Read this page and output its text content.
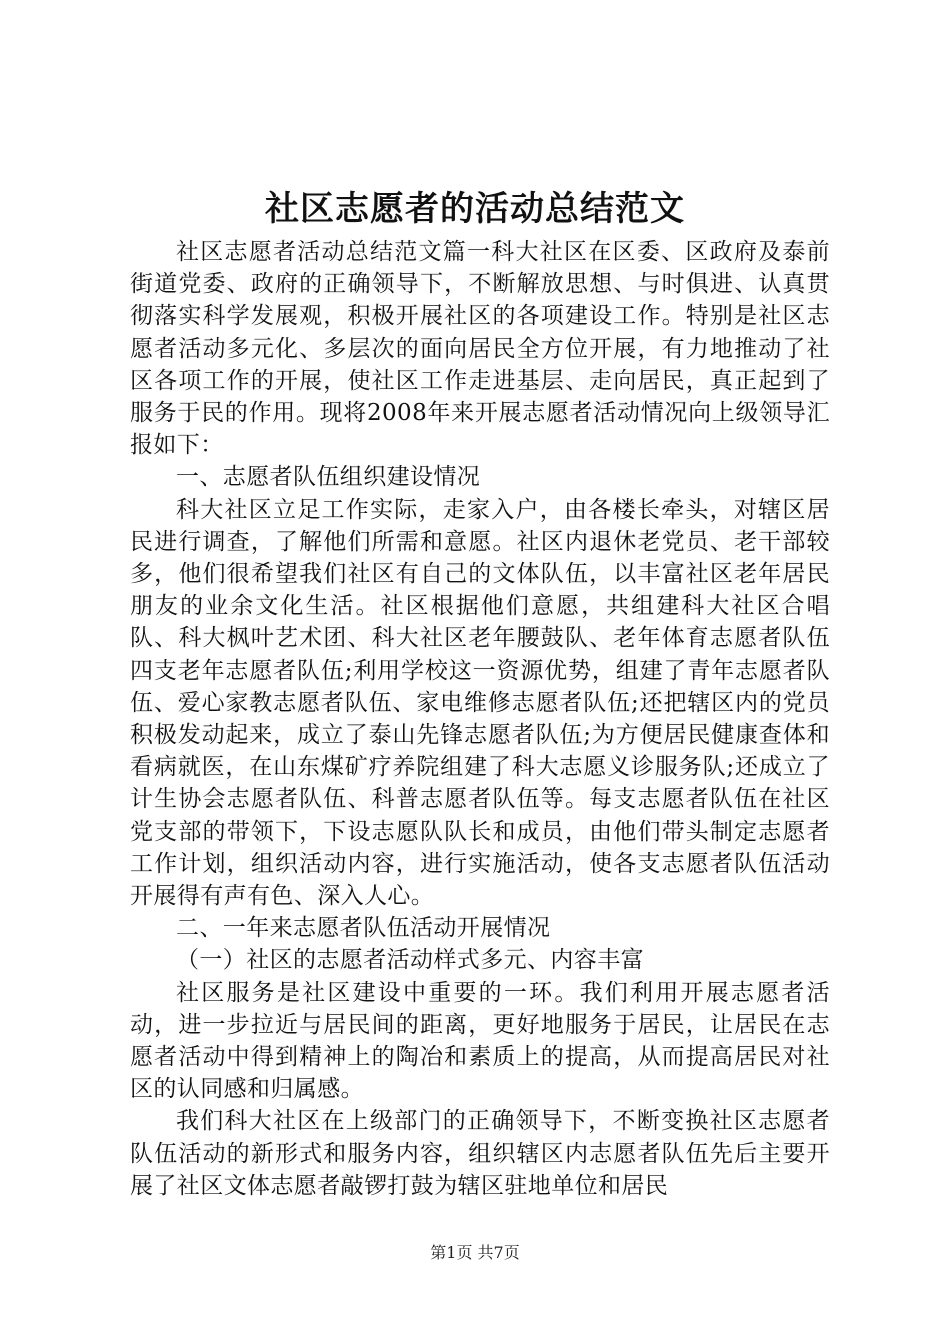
社区志愿者的活动总结范文

社区志愿者活动总结范文篇一科大社区在区委、区政府及泰前街道党委、政府的正确领导下，不断解放思想、与时俱进、认真贯彻落实科学发展观，积极开展社区的各项建设工作。特别是社区志愿者活动多元化、多层次的面向居民全方位开展，有力地推动了社区各项工作的开展，使社区工作走进基层、走向居民，真正起到了服务于民的作用。现将2008年来开展志愿者活动情况向上级领导汇报如下：

一、志愿者队伍组织建设情况

科大社区立足工作实际，走家入户，由各楼长牵头，对辖区居民进行调查，了解他们所需和意愿。社区内退休老党员、老干部较多，他们很希望我们社区有自己的文体队伍，以丰富社区老年居民朋友的业余文化生活。社区根据他们意愿，共组建科大社区合唱队、科大枫叶艺术团、科大社区老年腰鼓队、老年体育志愿者队伍四支老年志愿者队伍;利用学校这一资源优势，组建了青年志愿者队伍、爱心家教志愿者队伍、家电维修志愿者队伍;还把辖区内的党员积极发动起来，成立了泰山先锋志愿者队伍;为方便居民健康查体和看病就医，在山东煤矿疗养院组建了科大志愿义诊服务队;还成立了计生协会志愿者队伍、科普志愿者队伍等。每支志愿者队伍在社区党支部的带领下，下设志愿队队长和成员，由他们带头制定志愿者工作计划，组织活动内容，进行实施活动，使各支志愿者队伍活动开展得有声有色、深入人心。

二、一年来志愿者队伍活动开展情况

（一）社区的志愿者活动样式多元、内容丰富

社区服务是社区建设中重要的一环。我们利用开展志愿者活动，进一步拉近与居民间的距离，更好地服务于居民，让居民在志愿者活动中得到精神上的陶冶和素质上的提高，从而提高居民对社区的认同感和归属感。

我们科大社区在上级部门的正确领导下，不断变换社区志愿者队伍活动的新形式和服务内容，组织辖区内志愿者队伍先后主要开展了社区文体志愿者敲锣打鼓为辖区驻地单位和居民

第1页 共7页
